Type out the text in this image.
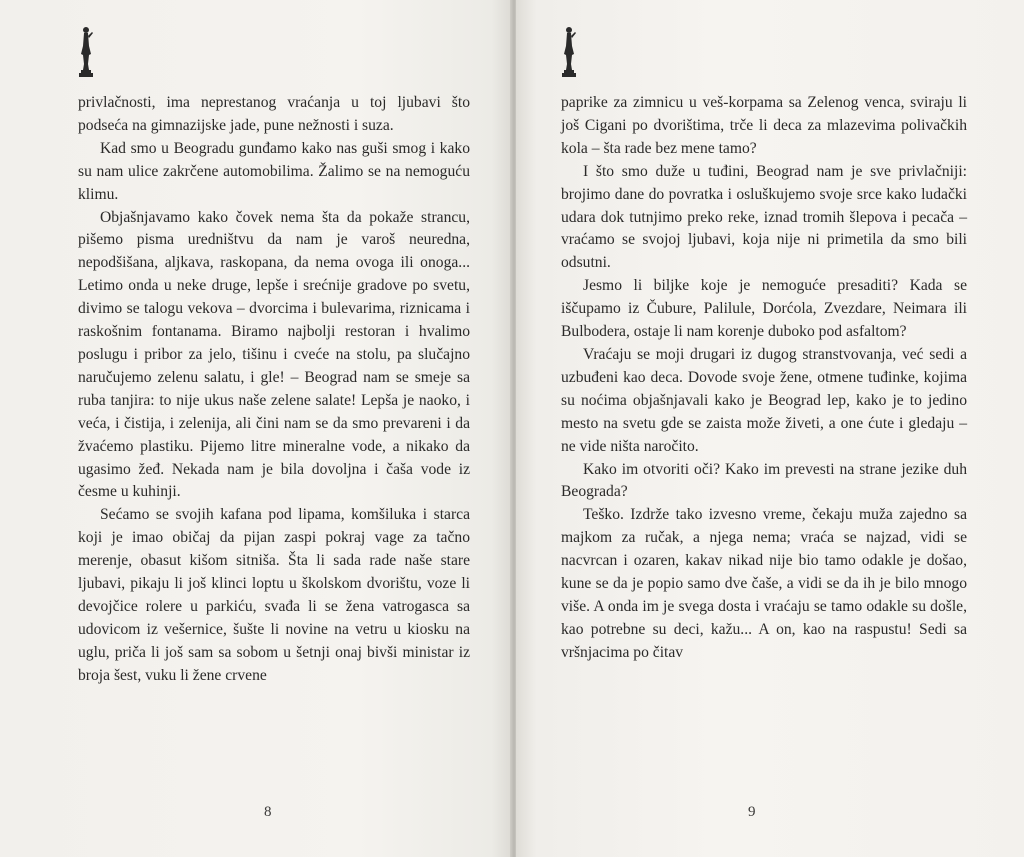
privlačnosti, ima neprestanog vraćanja u toj ljubavi što podseća na gimnazijske jade, pune nežnosti i suza.

Kad smo u Beogradu gunđamo kako nas guši smog i kako su nam ulice zakrčene automobilima. Žalimo se na nemoguću klimu.

Objašnjavamo kako čovek nema šta da pokaže strancu, pišemo pisma uredništvu da nam je varoš neuredna, nepodšišana, aljkava, raskopana, da nema ovoga ili onoga... Letimo onda u neke druge, lepše i srećnije gradove po svetu, divimo se talogu vekova – dvorcima i bulevarima, riznicama i raskošnim fontanama. Biramo najbolji restoran i hvalimo poslugu i pribor za jelo, tišinu i cveće na stolu, pa slučajno naručujemo zelenu salatu, i gle! – Beograd nam se smeje sa ruba tanjira: to nije ukus naše zelene salate! Lepša je naoko, i veća, i čistija, i zelenija, ali čini nam se da smo prevareni i da žvaćemo plastiku. Pijemo litre mineralne vode, a nikako da ugasimo žeđ. Nekada nam je bila dovoljna i čaša vode iz česme u kuhinji.

Sećamo se svojih kafana pod lipama, komšiluka i starca koji je imao običaj da pijan zaspi pokraj vage za tačno merenje, obasut kišom sitniša. Šta li sada rade naše stare ljubavi, pikaju li još klinci loptu u školskom dvorištu, voze li devojčice rolere u parkiću, svađa li se žena vatrogasca sa udovicom iz vešernice, šušte li novine na vetru u kiosku na uglu, priča li još sam sa sobom u šetnji onaj bivši ministar iz broja šest, vuku li žene crvene

8

paprike za zimnicu u veš-korpama sa Zelenog venca, sviraju li još Cigani po dvorištima, trče li deca za mlazevima polivačkih kola – šta rade bez mene tamo?

I što smo duže u tuđini, Beograd nam je sve privlačniji: brojimo dane do povratka i osluškujemo svoje srce kako ludački udara dok tutnjimo preko reke, iznad tromih šlepova i pecača – vraćamo se svojoj ljubavi, koja nije ni primetila da smo bili odsutni.

Jesmo li biljke koje je nemoguće presaditi? Kada se iščupamo iz Čubure, Palilule, Dorćola, Zvezdare, Neimara ili Bulbodera, ostaje li nam korenje duboko pod asfaltom?

Vraćaju se moji drugari iz dugog stranstvovanja, već sedi a uzbuđeni kao deca. Dovode svoje žene, otmene tuđinke, kojima su noćima objašnjavali kako je Beograd lep, kako je to jedino mesto na svetu gde se zaista može živeti, a one ćute i gledaju – ne vide ništa naročito.

Kako im otvoriti oči? Kako im prevesti na strane jezike duh Beograda?

Teško. Izdrže tako izvesno vreme, čekaju muža zajedno sa majkom za ručak, a njega nema; vraća se najzad, vidi se nacvrcan i ozaren, kakav nikad nije bio tamo odakle je došao, kune se da je popio samo dve čaše, a vidi se da ih je bilo mnogo više. A onda im je svega dosta i vraćaju se tamo odakle su došle, kao potrebne su deci, kažu... A on, kao na raspustu! Sedi sa vršnjacima po čitav

9
